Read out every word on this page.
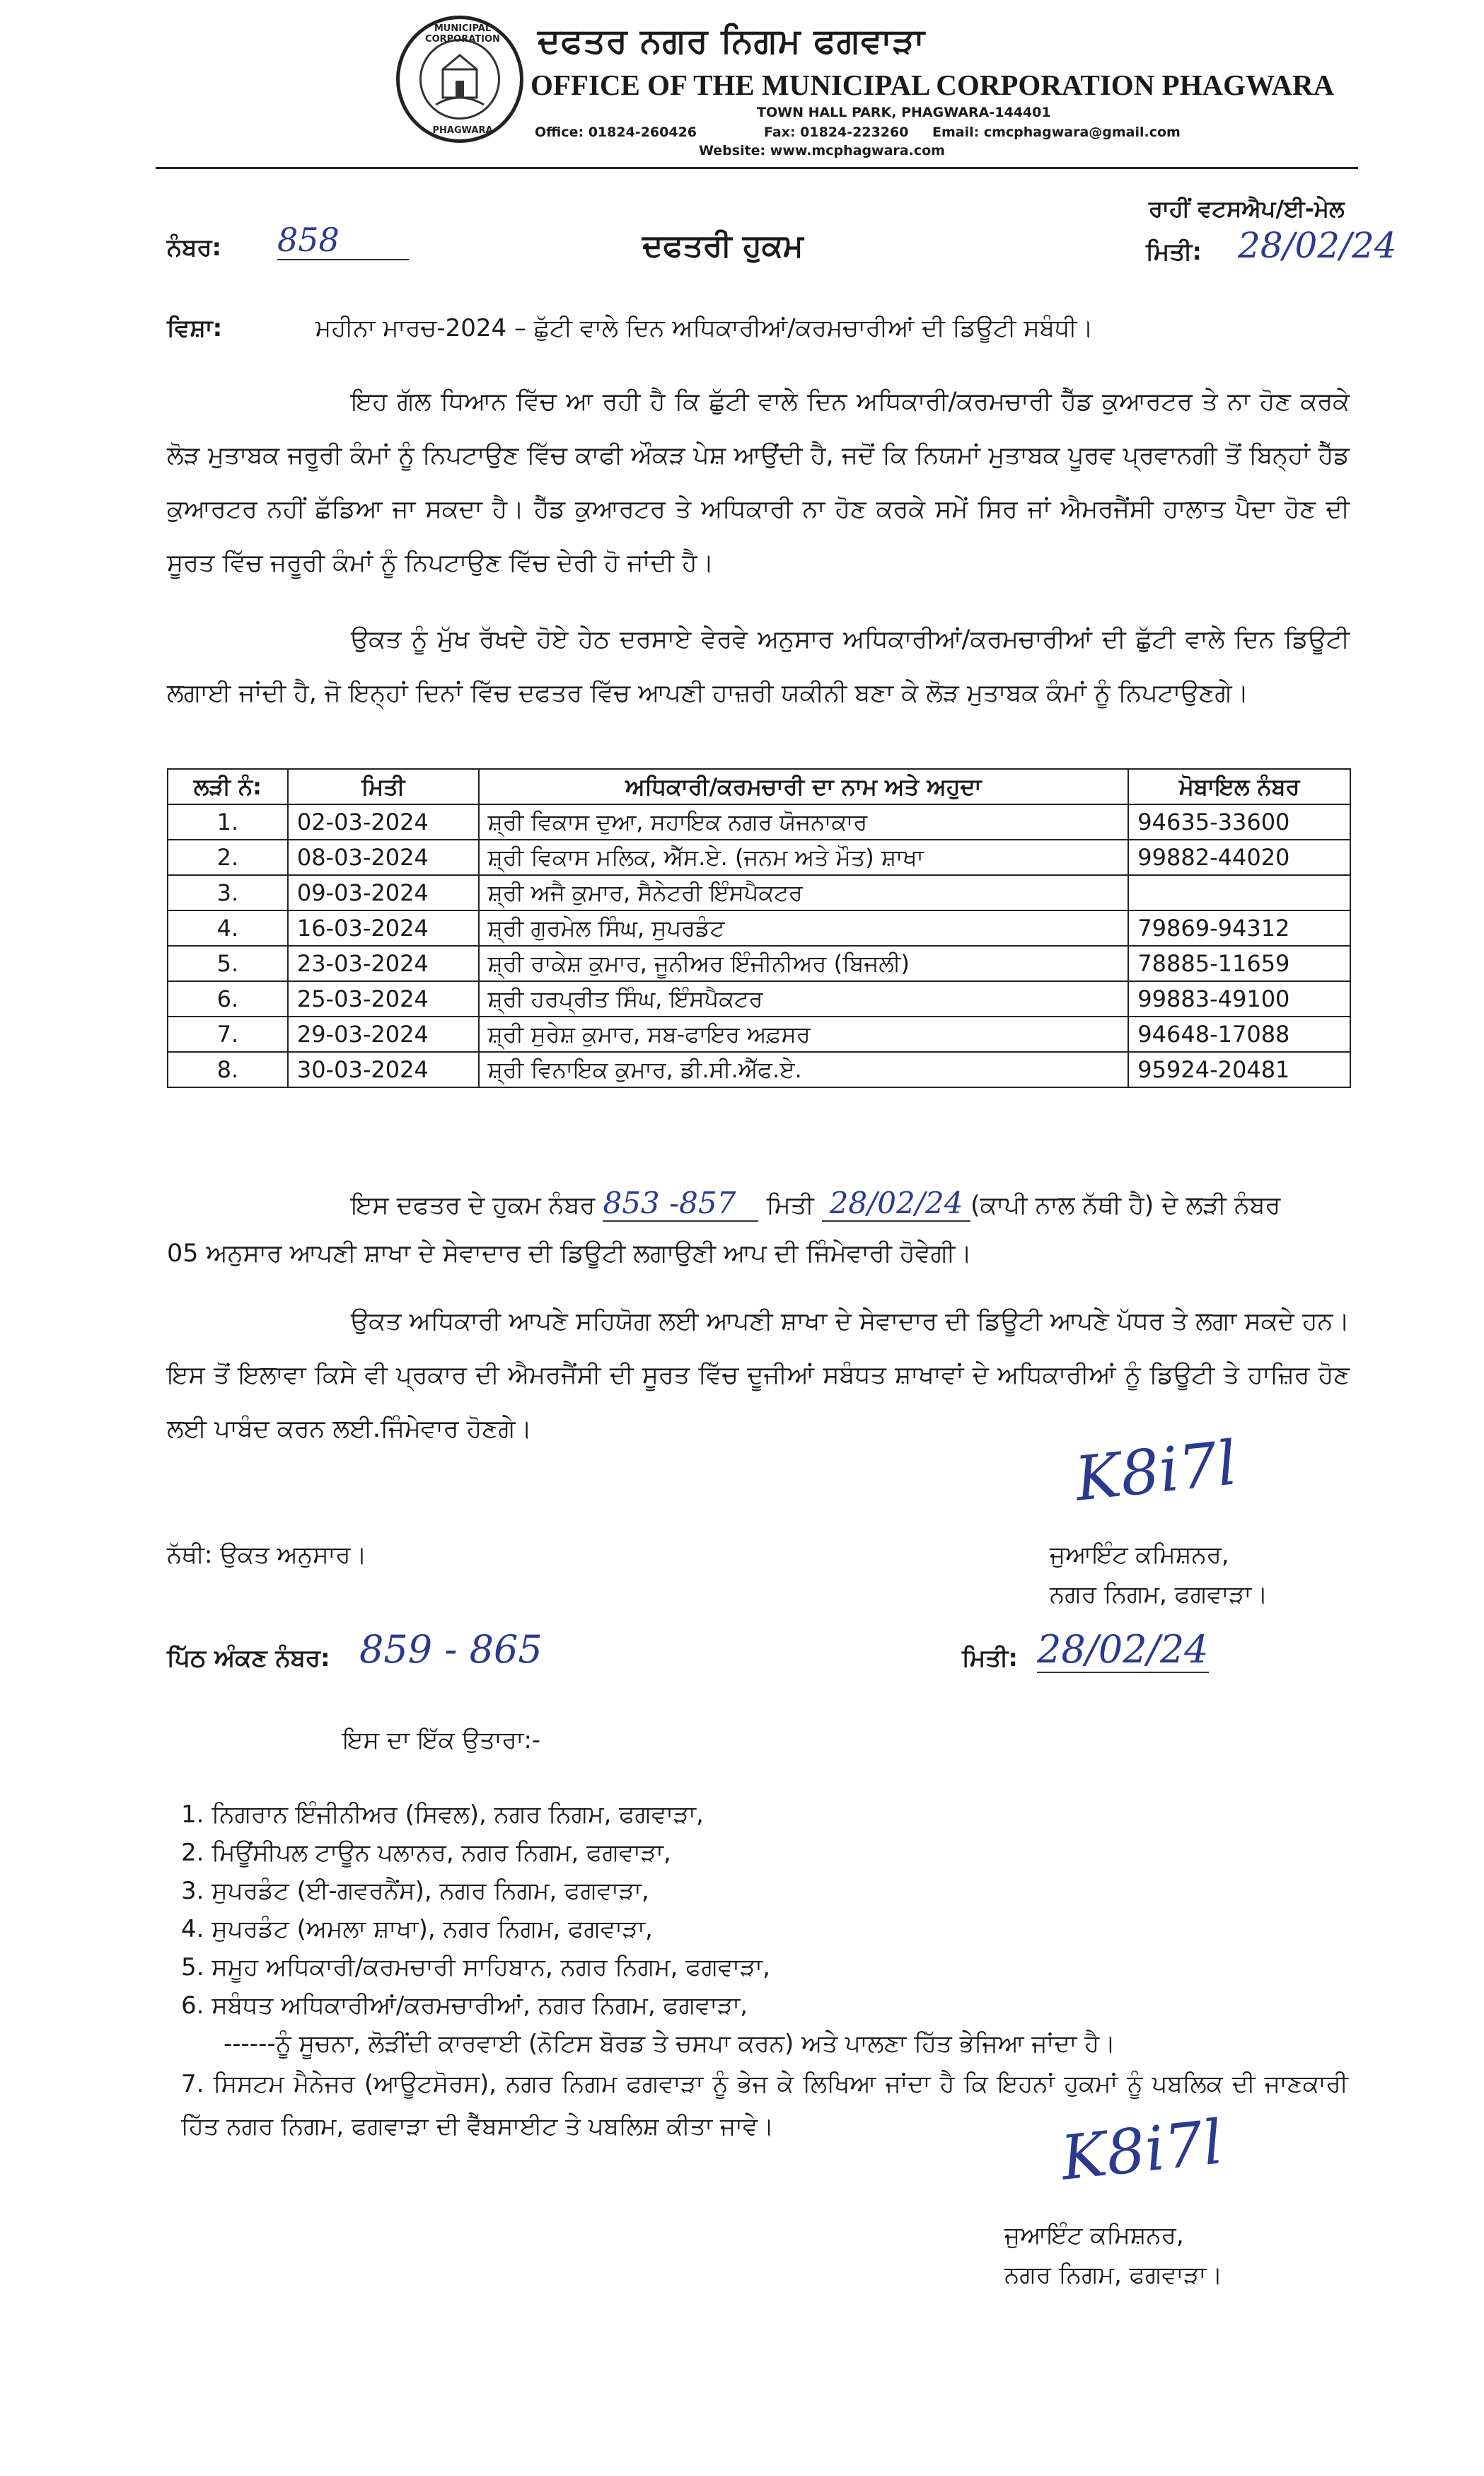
MUNICIPAL CORPORATION
PHAGWARA
ਦਫਤਰ ਨਗਰ ਨਿਗਮ ਫਗਵਾੜਾ
OFFICE OF THE MUNICIPAL CORPORATION PHAGWARA
TOWN HALL PARK, PHAGWARA-144401
Office: 01824-260426	Fax: 01824-223260 Email: cmcphagwara@gmail.com
Website: www.mcphagwara.com
ਰਾਹੀਂ ਵਟਸਐਪ/ਈ-ਮੇਲ
ਨੰਬਰ: 858	ਦਫਤਰੀ ਹੁਕਮ	ਮਿਤੀ: 28/02/24
ਵਿਸ਼ਾ:	ਮਹੀਨਾ ਮਾਰਚ-2024 – ਛੁੱਟੀ ਵਾਲੇ ਦਿਨ ਅਧਿਕਾਰੀਆਂ/ਕਰਮਚਾਰੀਆਂ ਦੀ ਡਿਊਟੀ ਸਬੰਧੀ।
ਇਹ ਗੱਲ ਧਿਆਨ ਵਿੱਚ ਆ ਰਹੀ ਹੈ ਕਿ ਛੁੱਟੀ ਵਾਲੇ ਦਿਨ ਅਧਿਕਾਰੀ/ਕਰਮਚਾਰੀ ਹੈੱਡ ਕੁਆਰਟਰ ਤੇ ਨਾ ਹੋਣ ਕਰਕੇ ਲੋੜ ਮੁਤਾਬਕ ਜਰੂਰੀ ਕੰਮਾਂ ਨੂੰ ਨਿਪਟਾਉਣ ਵਿੱਚ ਕਾਫੀ ਔਕੜ ਪੇਸ਼ ਆਉਂਦੀ ਹੈ, ਜਦੋਂ ਕਿ ਨਿਯਮਾਂ ਮੁਤਾਬਕ ਪੂਰਵ ਪ੍ਰਵਾਨਗੀ ਤੋਂ ਬਿਨ੍ਹਾਂ ਹੈੱਡ ਕੁਆਰਟਰ ਨਹੀਂ ਛੱਡਿਆ ਜਾ ਸਕਦਾ ਹੈ। ਹੈੱਡ ਕੁਆਰਟਰ ਤੇ ਅਧਿਕਾਰੀ ਨਾ ਹੋਣ ਕਰਕੇ ਸਮੇਂ ਸਿਰ ਜਾਂ ਐਮਰਜੈਂਸੀ ਹਾਲਾਤ ਪੈਦਾ ਹੋਣ ਦੀ ਸੂਰਤ ਵਿੱਚ ਜਰੂਰੀ ਕੰਮਾਂ ਨੂੰ ਨਿਪਟਾਉਣ ਵਿੱਚ ਦੇਰੀ ਹੋ ਜਾਂਦੀ ਹੈ।
ਉਕਤ ਨੂੰ ਮੁੱਖ ਰੱਖਦੇ ਹੋਏ ਹੇਠ ਦਰਸਾਏ ਵੇਰਵੇ ਅਨੁਸਾਰ ਅਧਿਕਾਰੀਆਂ/ਕਰਮਚਾਰੀਆਂ ਦੀ ਛੁੱਟੀ ਵਾਲੇ ਦਿਨ ਡਿਊਟੀ ਲਗਾਈ ਜਾਂਦੀ ਹੈ, ਜੋ ਇਨ੍ਹਾਂ ਦਿਨਾਂ ਵਿੱਚ ਦਫਤਰ ਵਿੱਚ ਆਪਣੀ ਹਾਜ਼ਰੀ ਯਕੀਨੀ ਬਣਾ ਕੇ ਲੋੜ ਮੁਤਾਬਕ ਕੰਮਾਂ ਨੂੰ ਨਿਪਟਾਉਣਗੇ।
ਲੜੀ ਨੰ:	ਮਿਤੀ	ਅਧਿਕਾਰੀ/ਕਰਮਚਾਰੀ ਦਾ ਨਾਮ ਅਤੇ ਅਹੁਦਾ	ਮੋਬਾਇਲ ਨੰਬਰ
1.	02-03-2024	ਸ਼੍ਰੀ ਵਿਕਾਸ ਦੁਆ, ਸਹਾਇਕ ਨਗਰ ਯੋਜਨਾਕਾਰ	94635-33600
2.	08-03-2024	ਸ਼੍ਰੀ ਵਿਕਾਸ ਮਲਿਕ, ਐੱਸ.ਏ. (ਜਨਮ ਅਤੇ ਮੌਤ) ਸ਼ਾਖਾ	99882-44020
3.	09-03-2024	ਸ਼੍ਰੀ ਅਜੈ ਕੁਮਾਰ, ਸੈਨੇਟਰੀ ਇੰਸਪੈਕਟਰ	
4.	16-03-2024	ਸ਼੍ਰੀ ਗੁਰਮੇਲ ਸਿੰਘ, ਸੁਪਰਡੰਟ	79869-94312
5.	23-03-2024	ਸ਼੍ਰੀ ਰਾਕੇਸ਼ ਕੁਮਾਰ, ਜੂਨੀਅਰ ਇੰਜੀਨੀਅਰ (ਬਿਜਲੀ)	78885-11659
6.	25-03-2024	ਸ਼੍ਰੀ ਹਰਪ੍ਰੀਤ ਸਿੰਘ, ਇੰਸਪੈਕਟਰ	99883-49100
7.	29-03-2024	ਸ਼੍ਰੀ ਸੁਰੇਸ਼ ਕੁਮਾਰ, ਸਬ-ਫਾਇਰ ਅਫ਼ਸਰ	94648-17088
8.	30-03-2024	ਸ਼੍ਰੀ ਵਿਨਾਇਕ ਕੁਮਾਰ, ਡੀ.ਸੀ.ਐੱਫ.ਏ.	95924-20481
ਇਸ ਦਫਤਰ ਦੇ ਹੁਕਮ ਨੰਬਰ 853 -857 ਮਿਤੀ 28/02/24 (ਕਾਪੀ ਨਾਲ ਨੱਥੀ ਹੈ) ਦੇ ਲੜੀ ਨੰਬਰ
05 ਅਨੁਸਾਰ ਆਪਣੀ ਸ਼ਾਖਾ ਦੇ ਸੇਵਾਦਾਰ ਦੀ ਡਿਊਟੀ ਲਗਾਉਣੀ ਆਪ ਦੀ ਜਿੰਮੇਵਾਰੀ ਹੋਵੇਗੀ।
ਉਕਤ ਅਧਿਕਾਰੀ ਆਪਣੇ ਸਹਿਯੋਗ ਲਈ ਆਪਣੀ ਸ਼ਾਖਾ ਦੇ ਸੇਵਾਦਾਰ ਦੀ ਡਿਊਟੀ ਆਪਣੇ ਪੱਧਰ ਤੇ ਲਗਾ ਸਕਦੇ ਹਨ। ਇਸ ਤੋਂ ਇਲਾਵਾ ਕਿਸੇ ਵੀ ਪ੍ਰਕਾਰ ਦੀ ਐਮਰਜੈਂਸੀ ਦੀ ਸੂਰਤ ਵਿੱਚ ਦੂਜੀਆਂ ਸਬੰਧਤ ਸ਼ਾਖਾਵਾਂ ਦੇ ਅਧਿਕਾਰੀਆਂ ਨੂੰ ਡਿਊਟੀ ਤੇ ਹਾਜ਼ਿਰ ਹੋਣ ਲਈ ਪਾਬੰਦ ਕਰਨ ਲਈ.ਜਿੰਮੇਵਾਰ ਹੋਣਗੇ।
ਨੱਥੀ: ਉਕਤ ਅਨੁਸਾਰ।
K8i7l
ਜੁਆਇੰਟ ਕਮਿਸ਼ਨਰ,
ਨਗਰ ਨਿਗਮ, ਫਗਵਾੜਾ।
ਪਿੱਠ ਅੰਕਣ ਨੰਬਰ: 859 - 865	ਮਿਤੀ: 28/02/24
ਇਸ ਦਾ ਇੱਕ ਉਤਾਰਾ:-
1. ਨਿਗਰਾਨ ਇੰਜੀਨੀਅਰ (ਸਿਵਲ), ਨਗਰ ਨਿਗਮ, ਫਗਵਾੜਾ,
2. ਮਿਊਂਸੀਪਲ ਟਾਊਨ ਪਲਾਨਰ, ਨਗਰ ਨਿਗਮ, ਫਗਵਾੜਾ,
3. ਸੁਪਰਡੰਟ (ਈ-ਗਵਰਨੈਂਸ), ਨਗਰ ਨਿਗਮ, ਫਗਵਾੜਾ,
4. ਸੁਪਰਡੰਟ (ਅਮਲਾ ਸ਼ਾਖਾ), ਨਗਰ ਨਿਗਮ, ਫਗਵਾੜਾ,
5. ਸਮੂਹ ਅਧਿਕਾਰੀ/ਕਰਮਚਾਰੀ ਸਾਹਿਬਾਨ, ਨਗਰ ਨਿਗਮ, ਫਗਵਾੜਾ,
6. ਸਬੰਧਤ ਅਧਿਕਾਰੀਆਂ/ਕਰਮਚਾਰੀਆਂ, ਨਗਰ ਨਿਗਮ, ਫਗਵਾੜਾ,
------ਨੂੰ ਸੂਚਨਾ, ਲੋੜੀਂਦੀ ਕਾਰਵਾਈ (ਨੋਟਿਸ ਬੋਰਡ ਤੇ ਚਸਪਾ ਕਰਨ) ਅਤੇ ਪਾਲਣਾ ਹਿੱਤ ਭੇਜਿਆ ਜਾਂਦਾ ਹੈ।
7. ਸਿਸਟਮ ਮੈਨੇਜਰ (ਆਊਟਸੋਰਸ), ਨਗਰ ਨਿਗਮ ਫਗਵਾੜਾ ਨੂੰ ਭੇਜ ਕੇ ਲਿਖਿਆ ਜਾਂਦਾ ਹੈ ਕਿ ਇਹਨਾਂ ਹੁਕਮਾਂ ਨੂੰ ਪਬਲਿਕ ਦੀ ਜਾਣਕਾਰੀ ਹਿੱਤ ਨਗਰ ਨਿਗਮ, ਫਗਵਾੜਾ ਦੀ ਵੈੱਬਸਾਈਟ ਤੇ ਪਬਲਿਸ਼ ਕੀਤਾ ਜਾਵੇ।	K8i7l
ਜੁਆਇੰਟ ਕਮਿਸ਼ਨਰ,
ਨਗਰ ਨਿਗਮ, ਫਗਵਾੜਾ।
